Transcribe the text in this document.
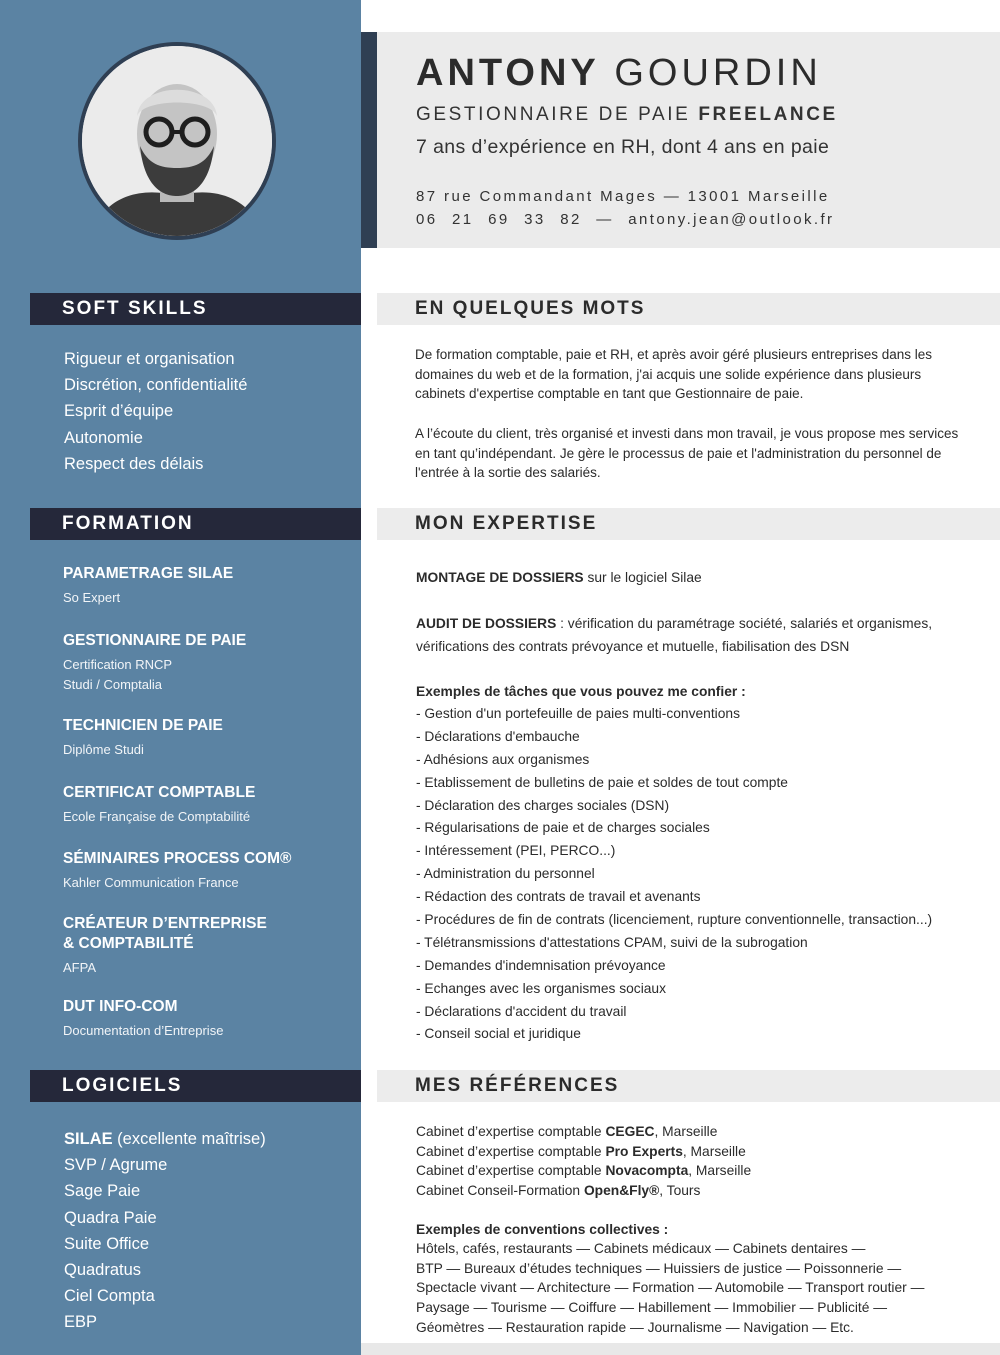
ANTONY GOURDIN
GESTIONNAIRE DE PAIE FREELANCE
7 ans d’expérience en RH, dont 4 ans en paie
87 rue Commandant Mages — 13001 Marseille
06 21 69 33 82 — antony.jean@outlook.fr
SOFT SKILLS	EN QUELQUES MOTS
Rigueur et organisation
Discrétion, confidentialité
Esprit d’équipe
Autonomie
Respect des délais
De formation comptable, paie et RH, et après avoir géré plusieurs entreprises dans les domaines du web et de la formation, j'ai acquis une solide expérience dans plusieurs cabinets d'expertise comptable en tant que Gestionnaire de paie.
A l’écoute du client, très organisé et investi dans mon travail, je vous propose mes services en tant qu’indépendant. Je gère le processus de paie et l'administration du personnel de l'entrée à la sortie des salariés.
FORMATION	MON EXPERTISE
PARAMETRAGE SILAE
So Expert
GESTIONNAIRE DE PAIE
Certification RNCP
Studi / Comptalia
TECHNICIEN DE PAIE
Diplôme Studi
CERTIFICAT COMPTABLE
Ecole Française de Comptabilité
SÉMINAIRES PROCESS COM®
Kahler Communication France
CRÉATEUR D’ENTREPRISE
& COMPTABILITÉ
AFPA
DUT INFO-COM
Documentation d’Entreprise
MONTAGE DE DOSSIERS sur le logiciel Silae
AUDIT DE DOSSIERS : vérification du paramétrage société, salariés et organismes,
vérifications des contrats prévoyance et mutuelle, fiabilisation des DSN
Exemples de tâches que vous pouvez me confier :
- Gestion d'un portefeuille de paies multi-conventions
- Déclarations d'embauche
- Adhésions aux organismes
- Etablissement de bulletins de paie et soldes de tout compte
- Déclaration des charges sociales (DSN)
- Régularisations de paie et de charges sociales
- Intéressement (PEI, PERCO...)
- Administration du personnel
- Rédaction des contrats de travail et avenants
- Procédures de fin de contrats (licenciement, rupture conventionnelle, transaction...)
- Télétransmissions d'attestations CPAM, suivi de la subrogation
- Demandes d'indemnisation prévoyance
- Echanges avec les organismes sociaux
- Déclarations d'accident du travail
- Conseil social et juridique
LOGICIELS	MES RÉFÉRENCES
SILAE (excellente maîtrise)
SVP / Agrume
Sage Paie
Quadra Paie
Suite Office
Quadratus
Ciel Compta
EBP
Cabinet d’expertise comptable CEGEC, Marseille
Cabinet d’expertise comptable Pro Experts, Marseille
Cabinet d’expertise comptable Novacompta, Marseille
Cabinet Conseil-Formation Open&Fly®, Tours
Exemples de conventions collectives :
Hôtels, cafés, restaurants — Cabinets médicaux — Cabinets dentaires —
BTP — Bureaux d’études techniques — Huissiers de justice — Poissonnerie —
Spectacle vivant — Architecture — Formation — Automobile — Transport routier —
Paysage — Tourisme — Coiffure — Habillement — Immobilier — Publicité —
Géomètres — Restauration rapide — Journalisme — Navigation — Etc.
